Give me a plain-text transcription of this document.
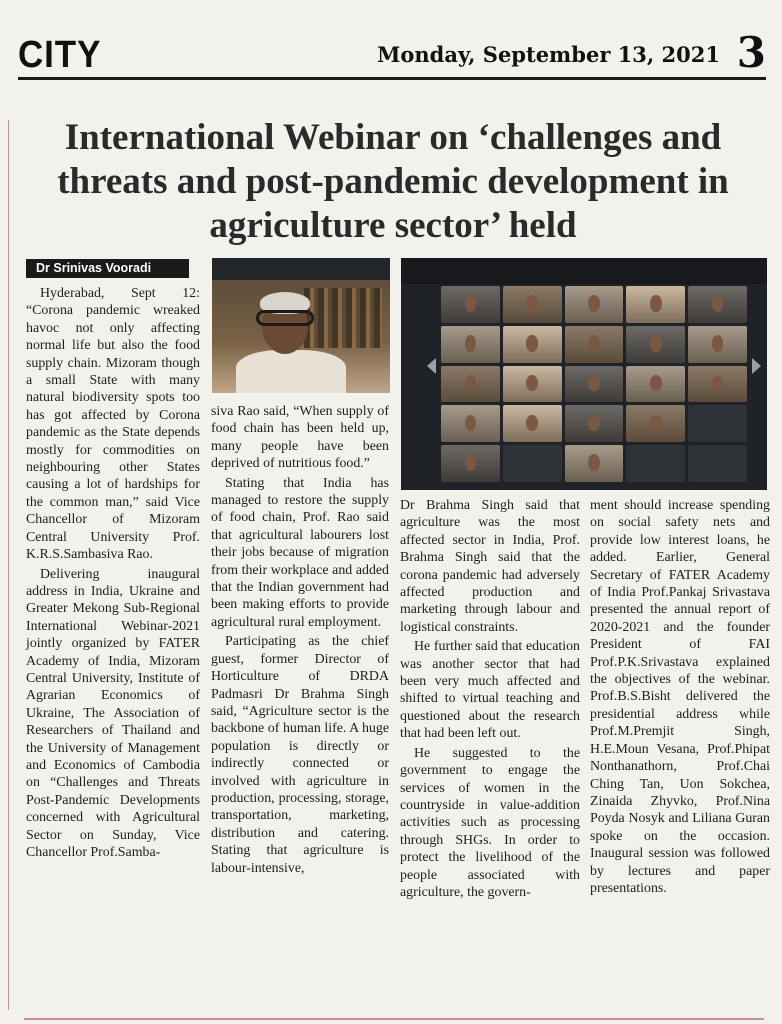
CITY	Monday, September 13, 2021 3
International Webinar on ‘challenges and threats and post-pandemic development in agriculture sector’ held
Dr Srinivas Vooradi

Hyderabad, Sept 12: “Corona pandemic wreaked havoc not only affecting normal life but also the food supply chain. Mizoram though a small State with many natural biodiversity spots too has got affected by Corona pandemic as the State depends mostly for commodities on neighbouring other States causing a lot of hardships for the common man,” said Vice Chancellor of Mizoram Central University Prof. K.R.S.Sambasiva Rao.

Delivering inaugural address in India, Ukraine and Greater Mekong Sub-Regional International Webinar-2021 jointly organized by FATER Academy of India, Mizoram Central University, Institute of Agrarian Economics of Ukraine, The Association of Researchers of Thailand and the University of Management and Economics of Cambodia on “Challenges and Threats Post-Pandemic Developments concerned with Agricultural Sector on Sunday, Vice Chancellor Prof.Samba-

siva Rao said, “When supply of food chain has been held up, many people have been deprived of nutritious food.”

Stating that India has managed to restore the supply of food chain, Prof. Rao said that agricultural labourers lost their jobs because of migration from their workplace and added that the Indian government had been making efforts to provide agricultural rural employment.

Participating as the chief guest, former Director of Horticulture of DRDA Padmasri Dr Brahma Singh said, “Agriculture sector is the backbone of human life. A huge population is directly or indirectly connected or involved with agriculture in production, processing, storage, transportation, marketing, distribution and catering. Stating that agriculture is labour-intensive,

Dr Brahma Singh said that agriculture was the most affected sector in India, Prof. Brahma Singh said that the corona pandemic had adversely affected production and marketing through labour and logistical constraints.

He further said that education was another sector that had been very much affected and shifted to virtual teaching and questioned about the research that had been left out.

He suggested to the government to engage the services of women in the countryside in value-addition activities such as processing through SHGs. In order to protect the livelihood of the people associated with agriculture, the govern-

ment should increase spending on social safety nets and provide low interest loans, he added. Earlier, General Secretary of FATER Academy of India Prof.Pankaj Srivastava presented the annual report of 2020-2021 and the founder President of FAI Prof.P.K.Srivastava explained the objectives of the webinar. Prof.B.S.Bisht delivered the presidential address while Prof.M.Premjit Singh, H.E.Moun Vesana, Prof.Phipat Nonthanathorn, Prof.Chai Ching Tan, Uon Sokchea, Zinaida Zhyvko, Prof.Nina Poyda Nosyk and Liliana Guran spoke on the occasion. Inaugural session was followed by lectures and paper presentations.
